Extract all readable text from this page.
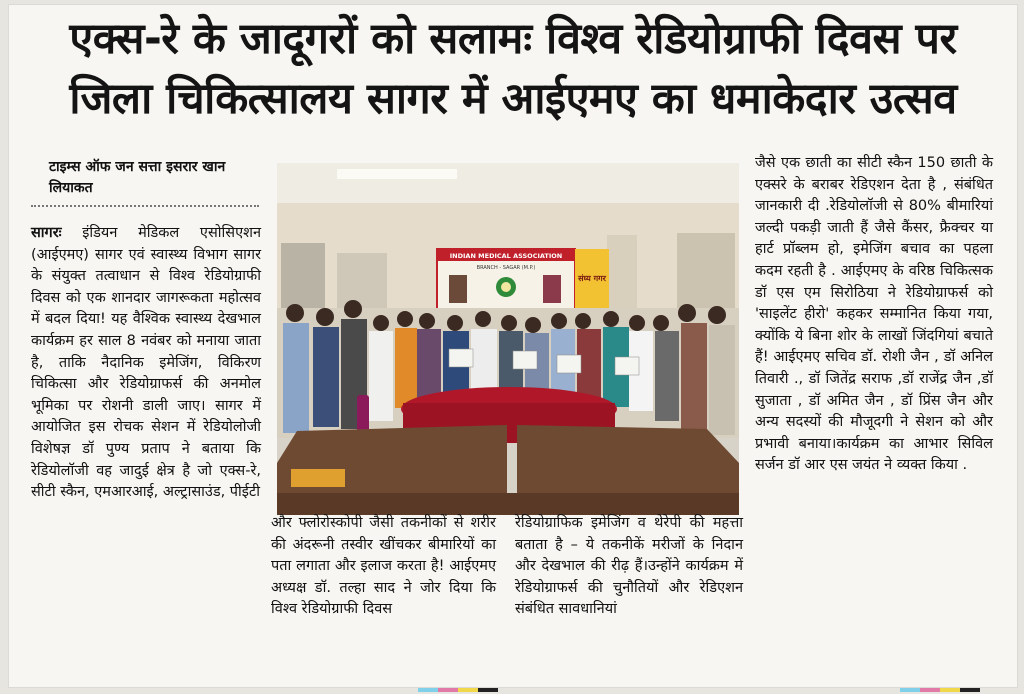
एक्स-रे के जादूगरों को सलामः विश्व रेडियोग्राफी दिवस पर
जिला चिकित्सालय सागर में आईएमए का धमाकेदार उत्सव
टाइम्स ऑफ जन सत्ता इसरार खान लियाकत
सागरः इंडियन मेडिकल एसोसिएशन (आईएमए) सागर एवं स्वास्थ्य विभाग सागर के संयुक्त तत्वाधान से विश्व रेडियोग्राफी दिवस को एक शानदार जागरूकता महोत्सव में बदल दिया! यह वैश्विक स्वास्थ्य देखभाल कार्यक्रम हर साल 8 नवंबर को मनाया जाता है, ताकि नैदानिक इमेजिंग, विकिरण चिकित्सा और रेडियोग्राफर्स की अनमोल भूमिका पर रोशनी डाली जाए। सागर में आयोजित इस रोचक सेशन में रेडियोलोजी विशेषज्ञ डॉ पुण्य प्रताप ने बताया कि रेडियोलॉजी वह जादुई क्षेत्र है जो एक्स-रे, सीटी स्कैन, एमआरआई, अल्ट्रासाउंड, पीईटी
INDIAN MEDICAL ASSOCIATION
BRANCH - SAGAR (M.P.)
संघ्य गगर
और फ्लोरोस्कोपी जैसी तकनीकों से शरीर की अंदरूनी तस्वीर खींचकर बीमारियों का पता लगाता और इलाज करता है! आईएमए अध्यक्ष डॉ. तल्हा साद ने जोर दिया कि विश्व रेडियोग्राफी दिवस
रेडियोग्राफिक इमेजिंग व थेरेपी की महत्ता बताता है – ये तकनीकें मरीजों के निदान और देखभाल की रीढ़ हैं।उन्होंने कार्यक्रम में रेडियोग्राफर्स की चुनौतियों और रेडिएशन संबंधित सावधानियां
जैसे एक छाती का सीटी स्कैन 150 छाती के एक्सरे के बराबर रेडिएशन देता है , संबंधित जानकारी दी .रेडियोलॉजी से 80% बीमारियां जल्दी पकड़ी जाती हैं जैसे कैंसर, फ्रैक्चर या हार्ट प्रॉब्लम हो, इमेजिंग बचाव का पहला कदम रहती है . आईएमए के वरिष्ठ चिकित्सक डॉ एस एम सिरोठिया ने रेडियोग्राफर्स को 'साइलेंट हीरो' कहकर सम्मानित किया गया, क्योंकि ये बिना शोर के लाखों जिंदगियां बचाते हैं! आईएमए सचिव डॉ. रोशी जैन , डॉ अनिल तिवारी ., डॉ जितेंद्र सराफ ,डॉ राजेंद्र जैन ,डॉ सुजाता , डॉ अमित जैन , डॉ प्रिंस जैन और अन्य सदस्यों की मौजूदगी ने सेशन को और प्रभावी बनाया।कार्यक्रम का आभार सिविल सर्जन डॉ आर एस जयंत ने व्यक्त किया .
